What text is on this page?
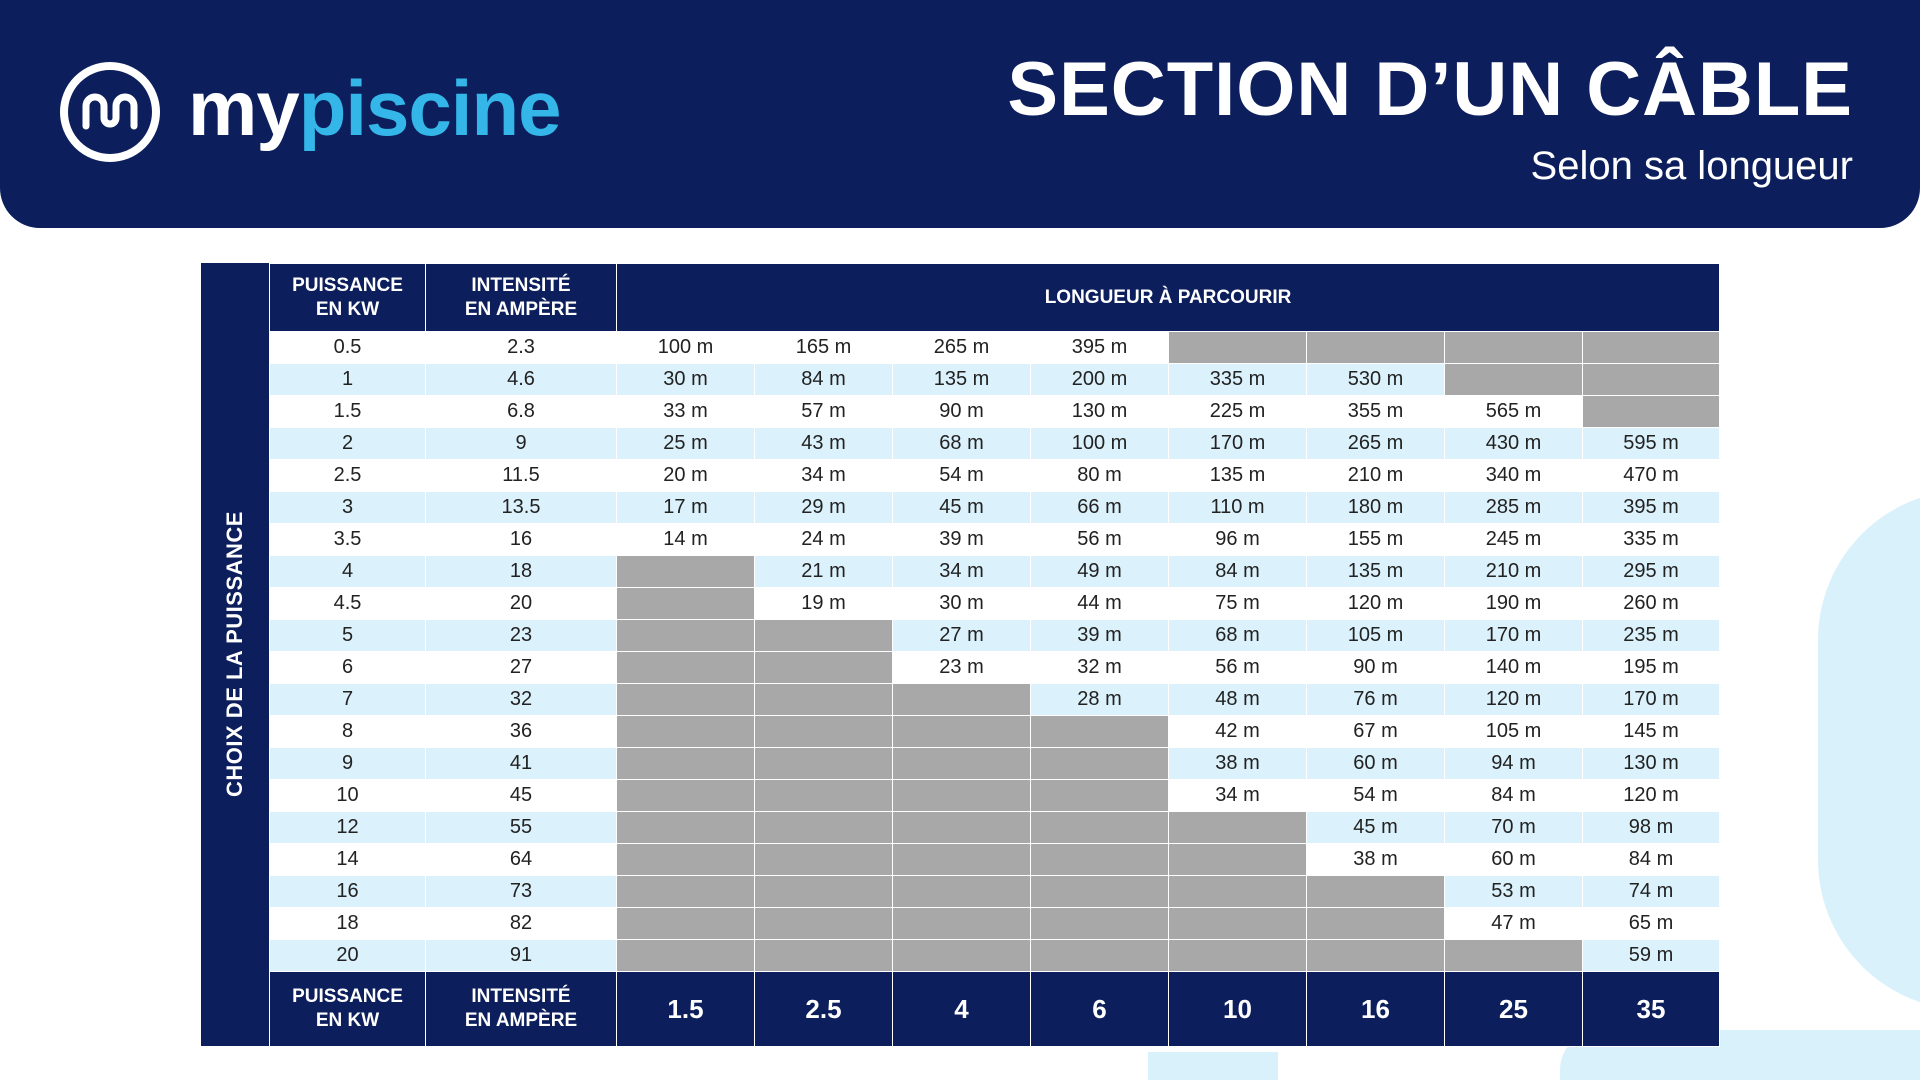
mypiscine	SECTION D’UN CÂBLE
Selon sa longueur
CHOIX DE LA PUISSANCE
PUISSANCE
EN KW	INTENSITÉ
EN AMPÈRE	LONGUEUR À PARCOURIR							
0.5	2.3	100 m	165 m	265 m	395 m				
1	4.6	30 m	84 m	135 m	200 m	335 m	530 m		
1.5	6.8	33 m	57 m	90 m	130 m	225 m	355 m	565 m	
2	9	25 m	43 m	68 m	100 m	170 m	265 m	430 m	595 m
2.5	11.5	20 m	34 m	54 m	80 m	135 m	210 m	340 m	470 m
3	13.5	17 m	29 m	45 m	66 m	110 m	180 m	285 m	395 m
3.5	16	14 m	24 m	39 m	56 m	96 m	155 m	245 m	335 m
4	18		21 m	34 m	49 m	84 m	135 m	210 m	295 m
4.5	20		19 m	30 m	44 m	75 m	120 m	190 m	260 m
5	23			27 m	39 m	68 m	105 m	170 m	235 m
6	27			23 m	32 m	56 m	90 m	140 m	195 m
7	32				28 m	48 m	76 m	120 m	170 m
8	36					42 m	67 m	105 m	145 m
9	41					38 m	60 m	94 m	130 m
10	45					34 m	54 m	84 m	120 m
12	55						45 m	70 m	98 m
14	64						38 m	60 m	84 m
16	73							53 m	74 m
18	82							47 m	65 m
20	91								59 m
PUISSANCE
EN KW	INTENSITÉ
EN AMPÈRE	1.5	2.5	4	6	10	16	25	35
